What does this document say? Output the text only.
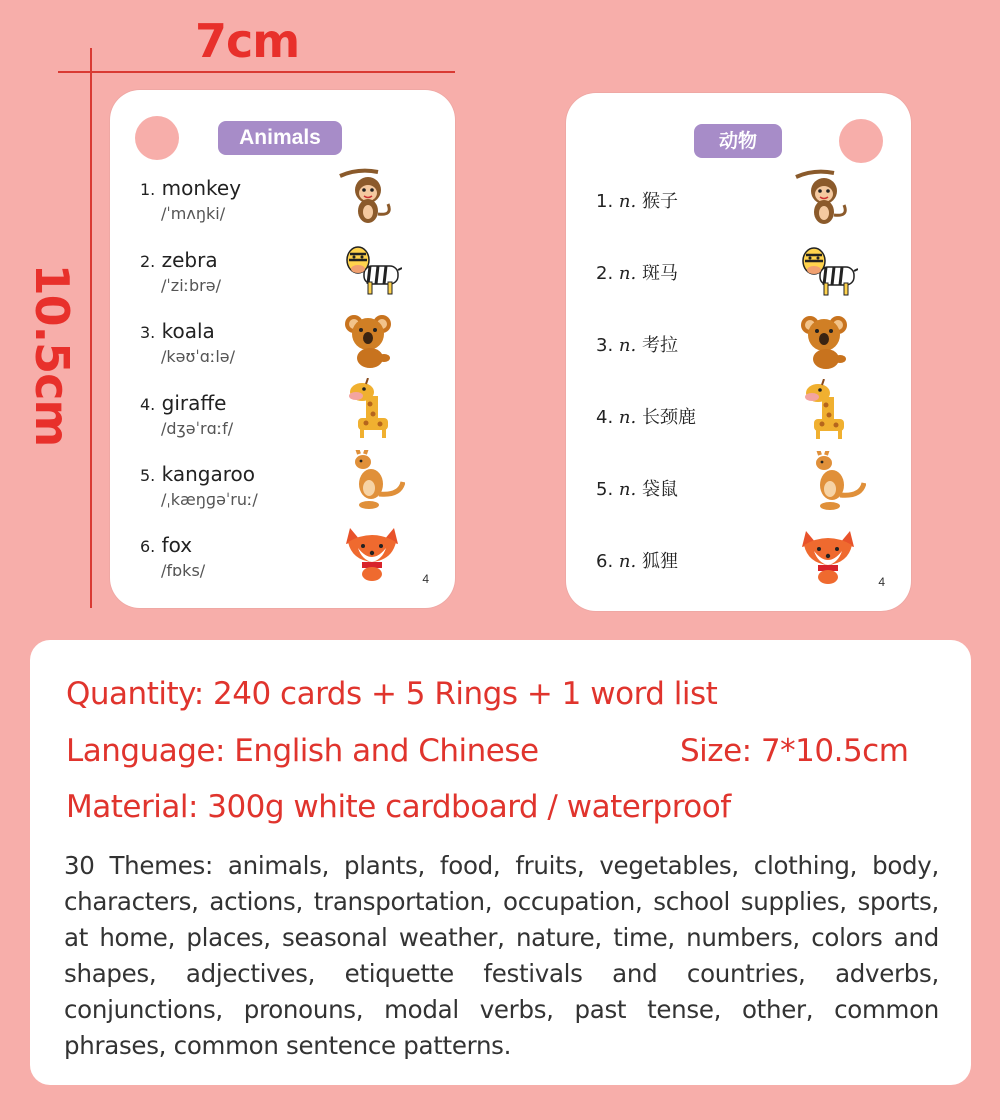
7cm
10.5cm
Animals
1. monkey
/ˈmʌŋki/
2. zebra
/ˈziːbrə/
3. koala
/kəʊˈɑːlə/
4. giraffe
/dʒəˈrɑːf/
5. kangaroo
/ˌkæŋɡəˈruː/
6. fox
/fɒks/	4
动物
1. n. 猴子
2. n. 斑马
3. n. 考拉
4. n. 长颈鹿
5. n. 袋鼠
6. n. 狐狸
4
Quantity: 240 cards + 5 Rings + 1 word list
Language: English and Chinese	Size: 7*10.5cm
Material: 300g white cardboard / waterproof
30 Themes: animals, plants, food, fruits, vegetables, clothing, body, characters, actions, transportation, occupation, school supplies, sports, at home, places, seasonal weather, nature, time, numbers, colors and shapes, adjectives, etiquette festivals and countries, adverbs, conjunctions, pronouns, modal verbs, past tense, other, common phrases, common sentence patterns.
